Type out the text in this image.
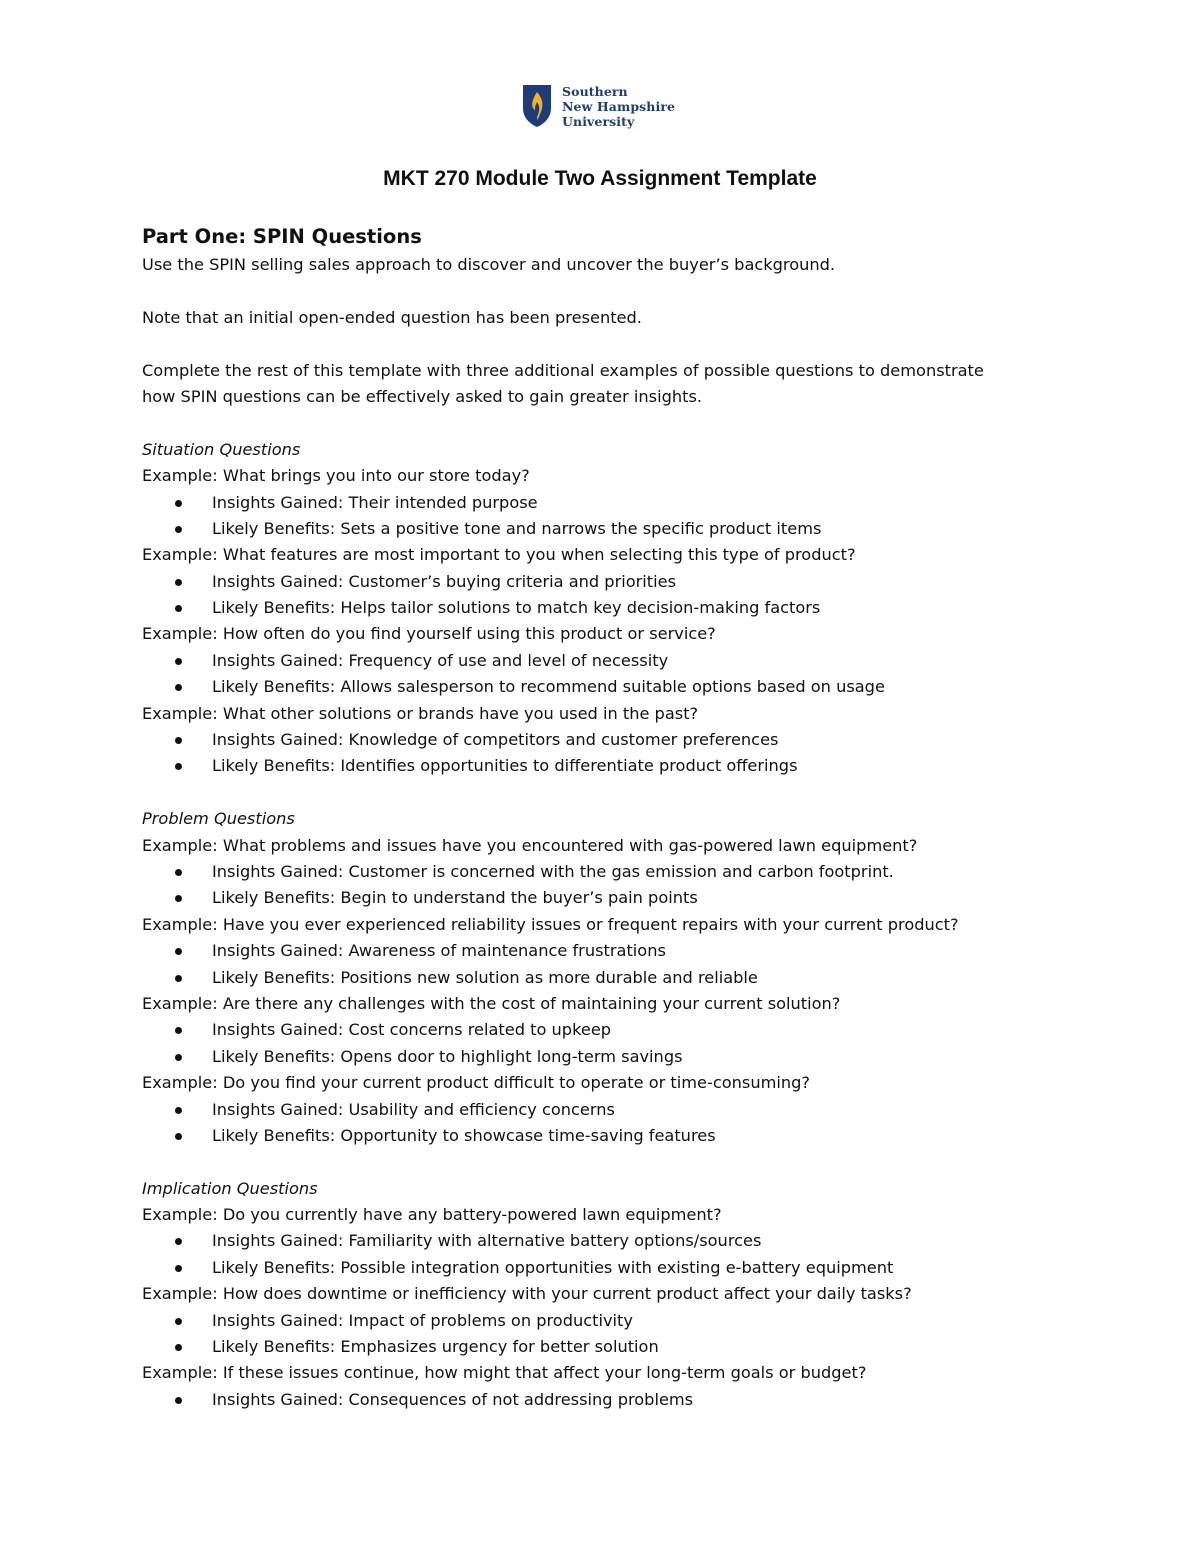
Southern
New Hampshire
University
MKT 270 Module Two Assignment Template
Part One: SPIN Questions
Use the SPIN selling sales approach to discover and uncover the buyer’s background.
Note that an initial open-ended question has been presented.
Complete the rest of this template with three additional examples of possible questions to demonstrate
how SPIN questions can be effectively asked to gain greater insights.
Situation Questions
Example: What brings you into our store today?
Insights Gained: Their intended purpose
Likely Benefits: Sets a positive tone and narrows the specific product items
Example: What features are most important to you when selecting this type of product?
Insights Gained: Customer’s buying criteria and priorities
Likely Benefits: Helps tailor solutions to match key decision-making factors
Example: How often do you find yourself using this product or service?
Insights Gained: Frequency of use and level of necessity
Likely Benefits: Allows salesperson to recommend suitable options based on usage
Example: What other solutions or brands have you used in the past?
Insights Gained: Knowledge of competitors and customer preferences
Likely Benefits: Identifies opportunities to differentiate product offerings
Problem Questions
Example: What problems and issues have you encountered with gas-powered lawn equipment?
Insights Gained: Customer is concerned with the gas emission and carbon footprint.
Likely Benefits: Begin to understand the buyer’s pain points
Example: Have you ever experienced reliability issues or frequent repairs with your current product?
Insights Gained: Awareness of maintenance frustrations
Likely Benefits: Positions new solution as more durable and reliable
Example: Are there any challenges with the cost of maintaining your current solution?
Insights Gained: Cost concerns related to upkeep
Likely Benefits: Opens door to highlight long-term savings
Example: Do you find your current product difficult to operate or time-consuming?
Insights Gained: Usability and efficiency concerns
Likely Benefits: Opportunity to showcase time-saving features
Implication Questions
Example: Do you currently have any battery-powered lawn equipment?
Insights Gained: Familiarity with alternative battery options/sources
Likely Benefits: Possible integration opportunities with existing e-battery equipment
Example: How does downtime or inefficiency with your current product affect your daily tasks?
Insights Gained: Impact of problems on productivity
Likely Benefits: Emphasizes urgency for better solution
Example: If these issues continue, how might that affect your long-term goals or budget?
Insights Gained: Consequences of not addressing problems
